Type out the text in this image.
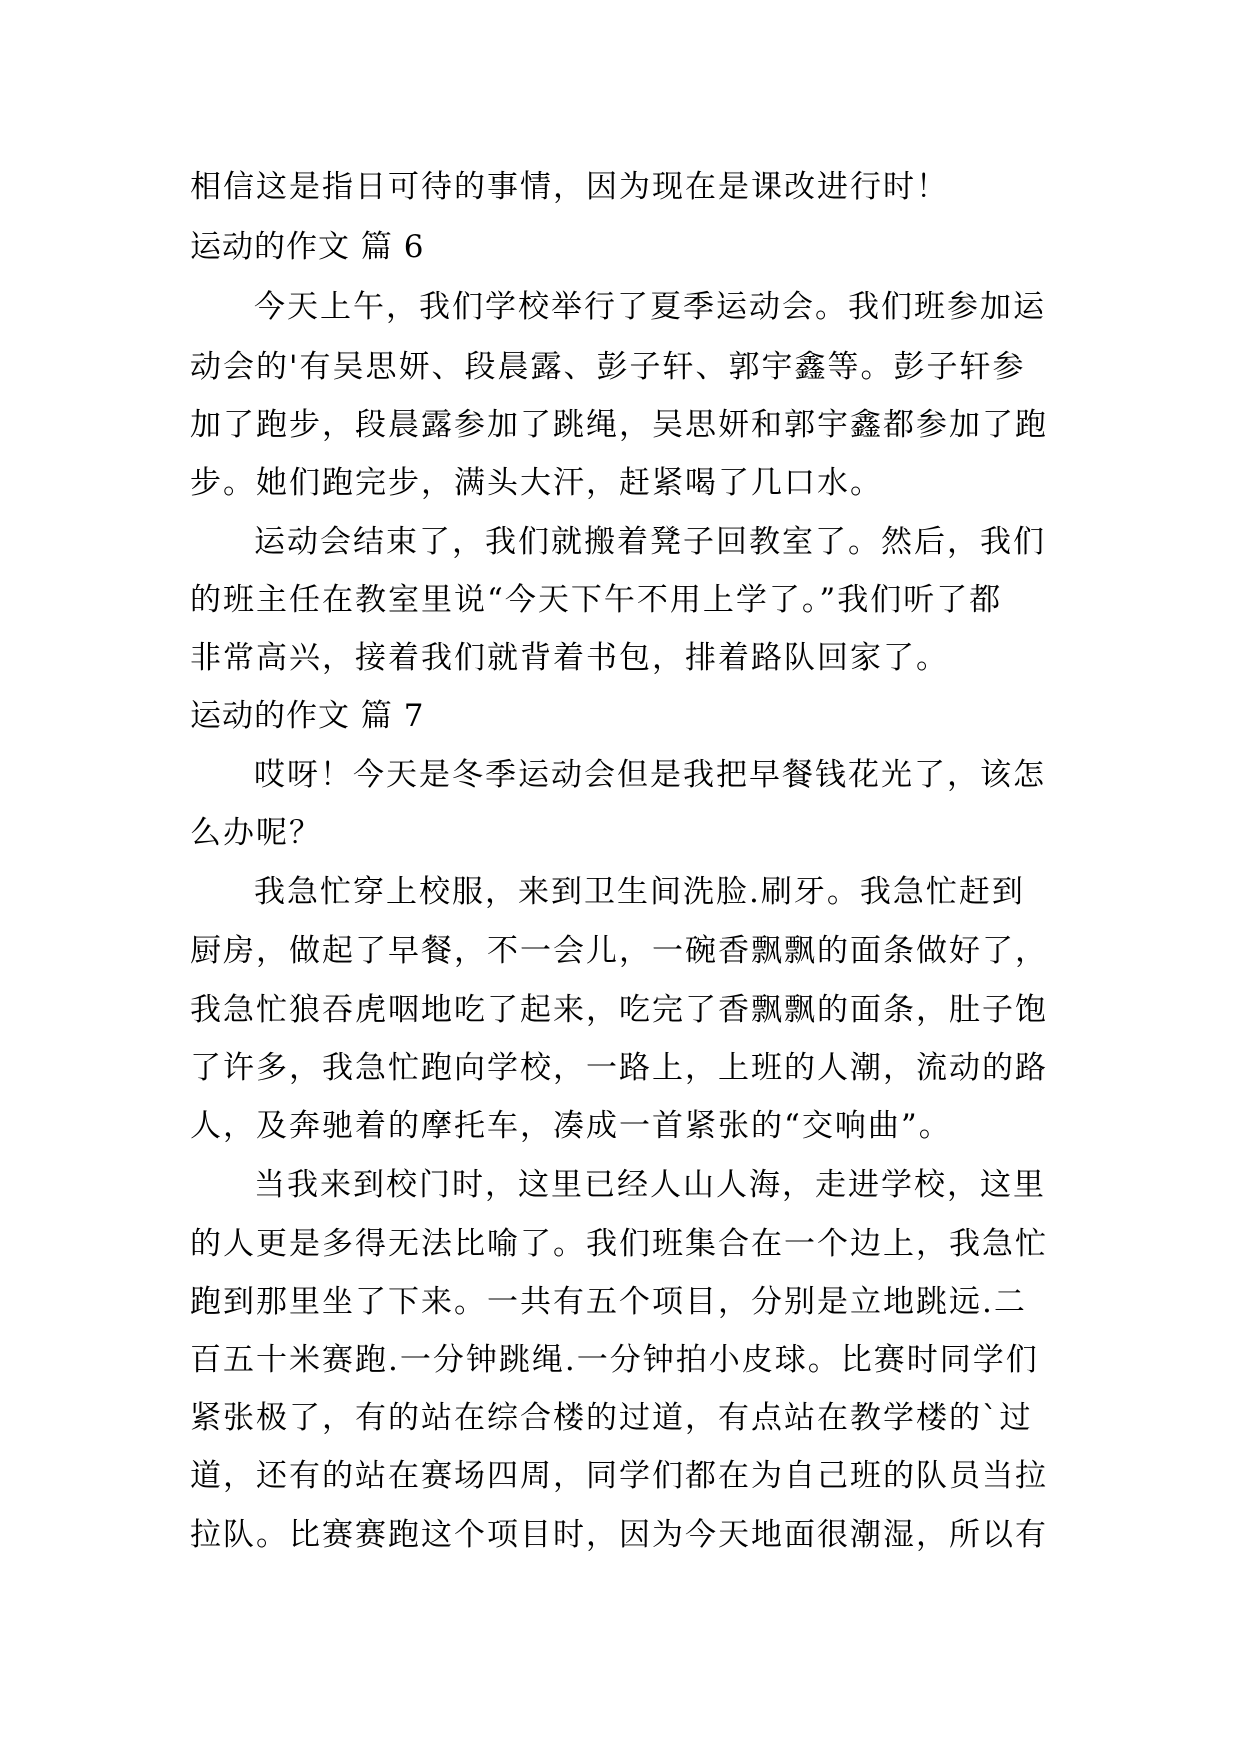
相信这是指日可待的事情，因为现在是课改进行时！
运动的作文 篇 6
今天上午，我们学校举行了夏季运动会。我们班参加运
动会的'有吴思妍、段晨露、彭子轩、郭宇鑫等。彭子轩参
加了跑步，段晨露参加了跳绳，吴思妍和郭宇鑫都参加了跑
步。她们跑完步，满头大汗，赶紧喝了几口水。
运动会结束了，我们就搬着凳子回教室了。然后，我们
的班主任在教室里说“今天下午不用上学了。”我们听了都
非常高兴，接着我们就背着书包，排着路队回家了。
运动的作文 篇 7
哎呀！今天是冬季运动会但是我把早餐钱花光了，该怎
么办呢？
我急忙穿上校服，来到卫生间洗脸.刷牙。我急忙赶到
厨房，做起了早餐，不一会儿，一碗香飘飘的面条做好了，
我急忙狼吞虎咽地吃了起来，吃完了香飘飘的面条，肚子饱
了许多，我急忙跑向学校，一路上，上班的人潮，流动的路
人，及奔驰着的摩托车，凑成一首紧张的“交响曲”。
当我来到校门时，这里已经人山人海，走进学校，这里
的人更是多得无法比喻了。我们班集合在一个边上，我急忙
跑到那里坐了下来。一共有五个项目，分别是立地跳远.二
百五十米赛跑.一分钟跳绳.一分钟拍小皮球。比赛时同学们
紧张极了，有的站在综合楼的过道，有点站在教学楼的`过
道，还有的站在赛场四周，同学们都在为自己班的队员当拉
拉队。比赛赛跑这个项目时，因为今天地面很潮湿，所以有
